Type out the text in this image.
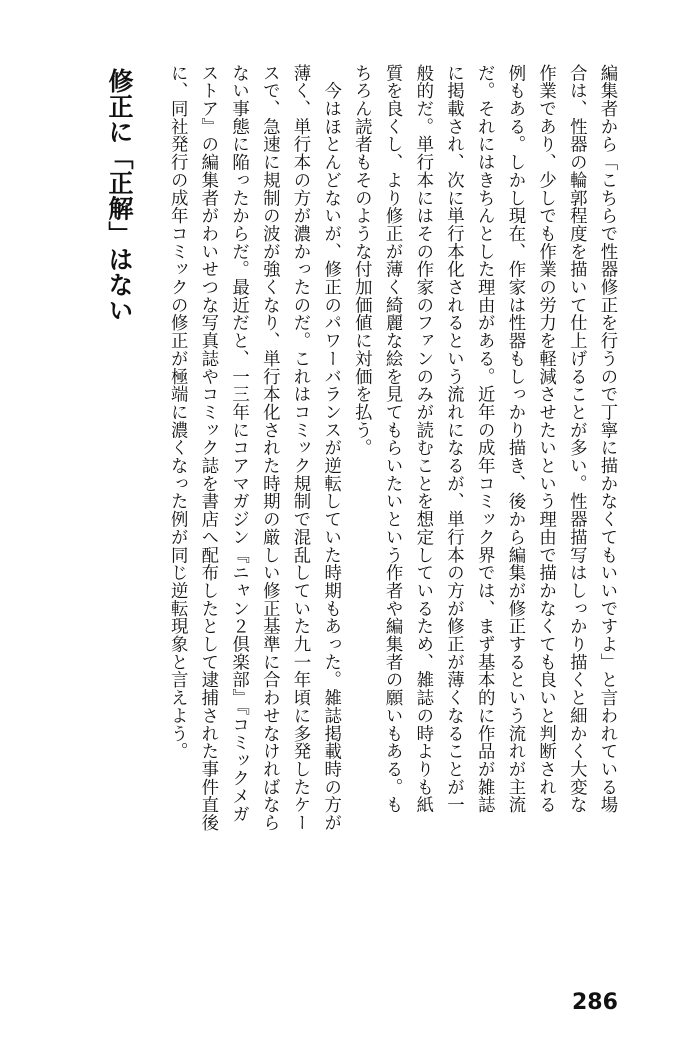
修正に「正解」はない	編集者から「こちらで性器修正を行うので丁寧に描かなくてもいいですよ」と言われている場
合は、性器の輪郭程度を描いて仕上げることが多い。性器描写はしっかり描くと細かく大変な
作業であり、少しでも作業の労力を軽減させたいという理由で描かなくても良いと判断される
例もある。しかし現在、作家は性器もしっかり描き、後から編集が修正するという流れが主流
だ。それにはきちんとした理由がある。近年の成年コミック界では、まず基本的に作品が雑誌
に掲載され、次に単行本化されるという流れになるが、単行本の方が修正が薄くなることが一
般的だ。単行本にはその作家のファンのみが読むことを想定しているため、雑誌の時よりも紙
質を良くし、より修正が薄く綺麗な絵を見てもらいたいという作者や編集者の願いもある。も
ちろん読者もそのような付加価値に対価を払う。
　今はほとんどないが、修正のパワーバランスが逆転していた時期もあった。雑誌掲載時の方が
薄く、単行本の方が濃かったのだ。これはコミック規制で混乱していた九一年頃に多発したケー
スで、急速に規制の波が強くなり、単行本化された時期の厳しい修正基準に合わせなければなら
ない事態に陥ったからだ。最近だと、一三年にコアマガジン『ニャン２倶楽部』『コミックメガ
ストア』の編集者がわいせつな写真誌やコミック誌を書店へ配布したとして逮捕された事件直後
に、同社発行の成年コミックの修正が極端に濃くなった例が同じ逆転現象と言えよう。
286
